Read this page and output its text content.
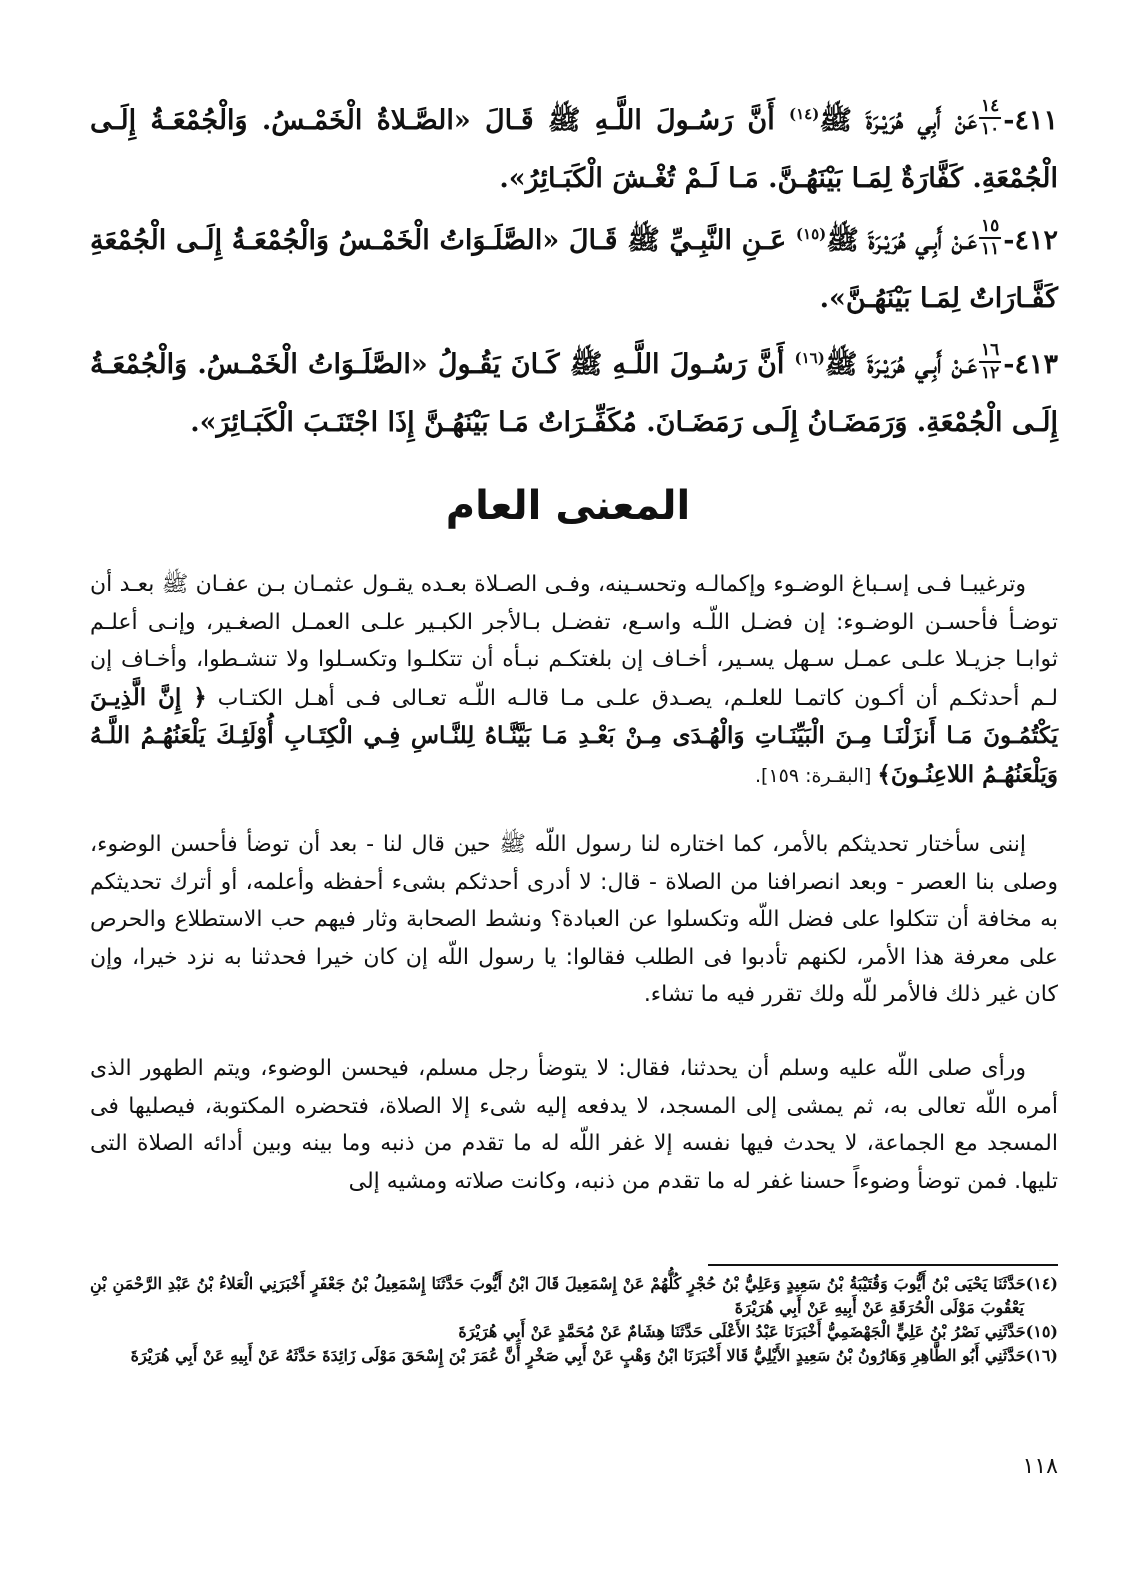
٤١١-
$\frac{١٤}{١٠}$
عَنْ أَبِي هُرَيْـرَةَ ﷺ$^{(١٤)}$ أَنَّ رَسُـولَ اللَّـهِ ﷺ قَـالَ «الصَّـلاةُ الْخَمْـسُ. وَالْجُمْعَـةُ إِلَـى الْجُمْعَةِ. كَفَّارَةٌ لِمَـا بَيْنَهُـنَّ. مَـا لَـمْ تُغْـشَ الْكَبَـائِرُ».
٤١٢-
$\frac{١٥}{١١}$
عَـنْ أَبِـي هُرَيْـرَةَ ﷺ$^{(١٥)}$ عَـنِ النَّبِـيِّ ﷺ قَـالَ «الصَّلَـوَاتُ الْخَمْـسُ وَالْجُمْعَـةُ إِلَـى الْجُمْعَةِ كَفَّـارَاتٌ لِمَـا بَيْنَهُـنَّ».
٤١٣-
$\frac{١٦}{١٢}$
عَـنْ أَبِـي هُرَيْـرَةَ ﷺ$^{(١٦)}$ أَنَّ رَسُـولَ اللَّـهِ ﷺ كَـانَ يَقُـولُ «الصَّلَـوَاتُ الْخَمْـسُ. وَالْجُمْعَـةُ إِلَـى الْجُمْعَةِ. وَرَمَضَـانُ إِلَـى رَمَضَـانَ. مُكَفِّـرَاتٌ مَـا بَيْنَهُـنَّ إِذَا اجْتَنَـبَ الْكَبَـائِرَ».
المعنى العام
وترغيبـا فـى إسـباغ الوضـوء وإكمالـه وتحسـينه، وفـى الصـلاة بعـده يقـول عثمـان بـن عفـان ﷺ بعـد أن توضـأ فأحسـن الوضـوء: إن فضـل اللّـه واسـع، تفضـل بـالأجر الكبـير علـى العمـل الصغـير، وإنـى أعلـم ثوابـا جزيـلا علـى عمـل سـهل يسـير، أخـاف إن بلغتكـم نبـأه أن تتكلـوا وتكسـلوا ولا تنشـطوا، وأخـاف إن لـم أحدثكـم أن أكـون كاتمـا للعلـم، يصـدق علـى مـا قالـه اللّـه تعـالى فـى أهـل الكتـاب ﴿ إِنَّ الَّذِيـنَ يَكْتُمُـونَ مَـا أَنزَلْنَـا مِـنَ الْبَيِّنَـاتِ وَالْهُـدَى مِـنْ بَعْـدِ مَـا بَيَّنَّـاهُ لِلنَّـاسِ فِـي الْكِتَـابِ أُوْلَئِـكَ يَلْعَنُهُـمُ اللَّـهُ وَيَلْعَنُهُـمُ اللاعِنُـونَ﴾ [البقـرة: ١٥٩].
إننى سأختار تحديثكم بالأمر، كما اختاره لنا رسول اللّه ﷺ حين قال لنا - بعد أن توضأ فأحسن الوضوء، وصلى بنا العصر - وبعد انصرافنا من الصلاة - قال: لا أدرى أحدثكم بشىء أحفظه وأعلمه، أو أترك تحديثكم به مخافة أن تتكلوا على فضل اللّه وتكسلوا عن العبادة؟ ونشط الصحابة وثار فيهم حب الاستطلاع والحرص على معرفة هذا الأمر، لكنهم تأدبوا فى الطلب فقالوا: يا رسول اللّه إن كان خيرا فحدثنا به نزد خيرا، وإن كان غير ذلك فالأمر للّه ولك تقرر فيه ما تشاء.
ورأى صلى اللّه عليه وسلم أن يحدثنا، فقال: لا يتوضأ رجل مسلم، فيحسن الوضوء، ويتم الطهور الذى أمره اللّه تعالى به، ثم يمشى إلى المسجد، لا يدفعه إليه شىء إلا الصلاة، فتحضره المكتوبة، فيصليها فى المسجد مع الجماعة، لا يحدث فيها نفسه إلا غفر اللّه له ما تقدم من ذنبه وما بينه وبين أدائه الصلاة التى تليها. فمن توضأ وضوءاً حسنا غفر له ما تقدم من ذنبه، وكانت صلاته ومشيه إلى
(١٤)حَدَّثَنَا يَحْيَى بْنُ أَيُّوبَ وَقُتَيْبَةُ بْنُ سَعِيدٍ وَعَلِيُّ بْنُ حُجْرٍ كُلُّهُمْ عَنْ إِسْمَعِيلَ قَالَ ابْنُ أَيُّوبَ حَدَّثَنَا إِسْمَعِيلُ بْنُ جَعْفَرٍ أَخْبَرَنِي الْعَلاءُ بْنُ عَبْدِ الرَّحْمَنِ بْنِ يَعْقُوبَ مَوْلَى الْحُرَقَةِ عَنْ أَبِيهِ عَنْ أَبِي هُرَيْرَةَ
(١٥)حَدَّثَنِي نَصْرُ بْنُ عَلِيٍّ الْجَهْضَمِيُّ أَخْبَرَنَا عَبْدُ الأَعْلَى حَدَّثَنَا هِشَامٌ عَنْ مُحَمَّدٍ عَنْ أَبِي هُرَيْرَةَ
(١٦)حَدَّثَنِي أَبُو الطَّاهِرِ وَهَارُونُ بْنُ سَعِيدٍ الأَيْلِيُّ قَالا أَخْبَرَنَا ابْنُ وَهْبٍ عَنْ أَبِي صَخْرٍ أَنَّ عُمَرَ بْنَ إِسْحَقَ مَوْلَى زَائِدَةَ حَدَّثَهُ عَنْ أَبِيهِ عَنْ أَبِي هُرَيْرَةَ
١١٨
